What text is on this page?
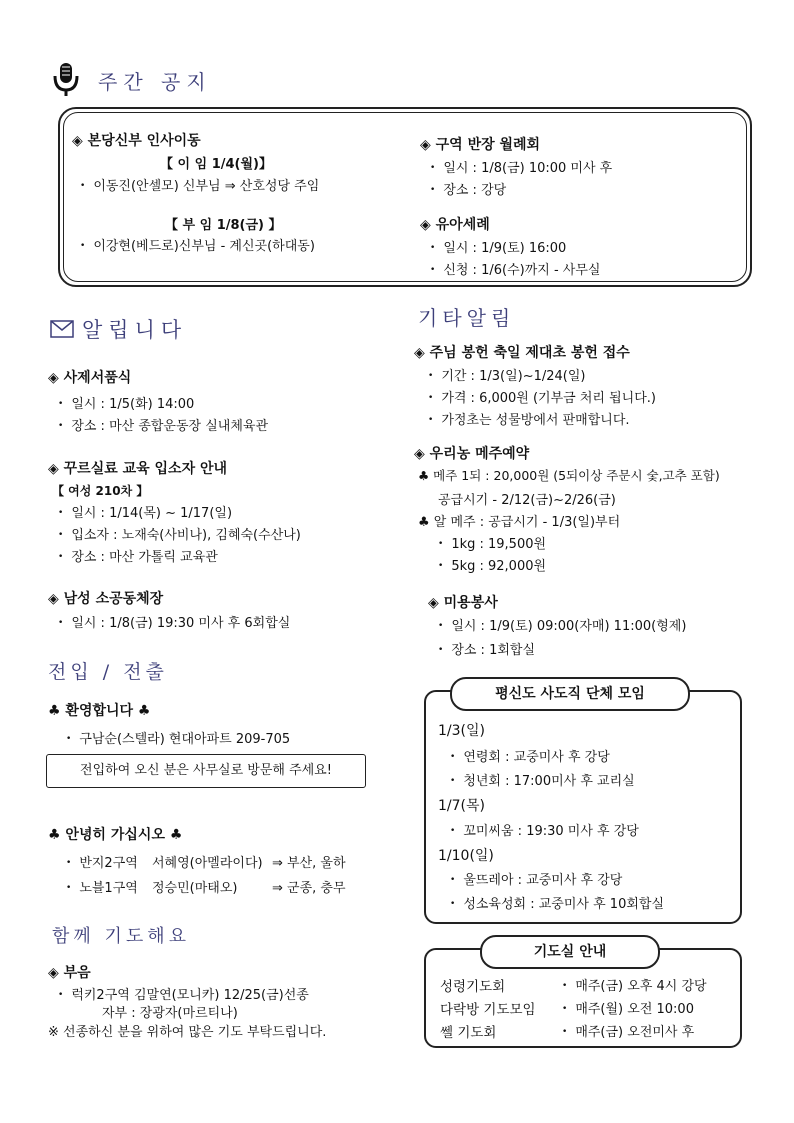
주간 공지
◈ 본당신부 인사이동
【 이 임 1/4(월)】
• 이동진(안셀모) 신부님 ⇒ 산호성당 주임
【 부 임 1/8(금) 】
• 이강현(베드로)신부님 - 계신곳(하대동)
◈ 구역 반장 월례회
• 일시 : 1/8(금) 10:00 미사 후
• 장소 : 강당
◈ 유아세례
• 일시 : 1/9(토) 16:00
• 신청 : 1/6(수)까지 - 사무실
알립니다
◈ 사제서품식
• 일시 : 1/5(화) 14:00
• 장소 : 마산 종합운동장 실내체육관
◈ 꾸르실료 교육 입소자 안내
【 여성 210차 】
• 일시 : 1/14(목) ~ 1/17(일)
• 입소자 : 노재숙(사비나), 김혜숙(수산나)
• 장소 : 마산 가톨릭 교육관
◈ 남성 소공동체장
• 일시 : 1/8(금) 19:30 미사 후 6회합실
전입 / 전출
♣ 환영합니다 ♣
• 구남순(스텔라) 현대아파트 209-705
전입하여 오신 분은 사무실로 방문해 주세요!
♣ 안녕히 가십시오 ♣
• 반지2구역 서혜영(아멜라이다) ⇒ 부산, 울하
• 노블1구역 정승민(마태오)	⇒ 군종, 충무
함께 기도해요
◈ 부음
• 럭키2구역 김말연(모니카) 12/25(금)선종
자부 : 장광자(마르티나)
※ 선종하신 분을 위하여 많은 기도 부탁드립니다.
기타알림
◈ 주님 봉헌 축일 제대초 봉헌 접수
• 기간 : 1/3(일)~1/24(일)
• 가격 : 6,000원 (기부금 처리 됩니다.)
• 가정초는 성물방에서 판매합니다.
◈ 우리농 메주예약
♣ 메주 1되 : 20,000원 (5되이상 주문시 숯,고추 포함)
공급시기 - 2/12(금)~2/26(금)
♣ 알 메주 : 공급시기 - 1/3(일)부터
• 1kg : 19,500원
• 5kg : 92,000원
◈ 미용봉사
• 일시 : 1/9(토) 09:00(자매) 11:00(형제)
• 장소 : 1회합실
평신도 사도직 단체 모임
1/3(일)
• 연령회 : 교중미사 후 강당
• 청년회 : 17:00미사 후 교리실
1/7(목)
• 꼬미씨움 : 19:30 미사 후 강당
1/10(일)
• 울뜨레아 : 교중미사 후 강당
• 성소육성회 : 교중미사 후 10회합실
기도실 안내
성령기도회	• 매주(금) 오후 4시 강당
다락방 기도모임	• 매주(월) 오전 10:00
쎌 기도회	• 매주(금) 오전미사 후
